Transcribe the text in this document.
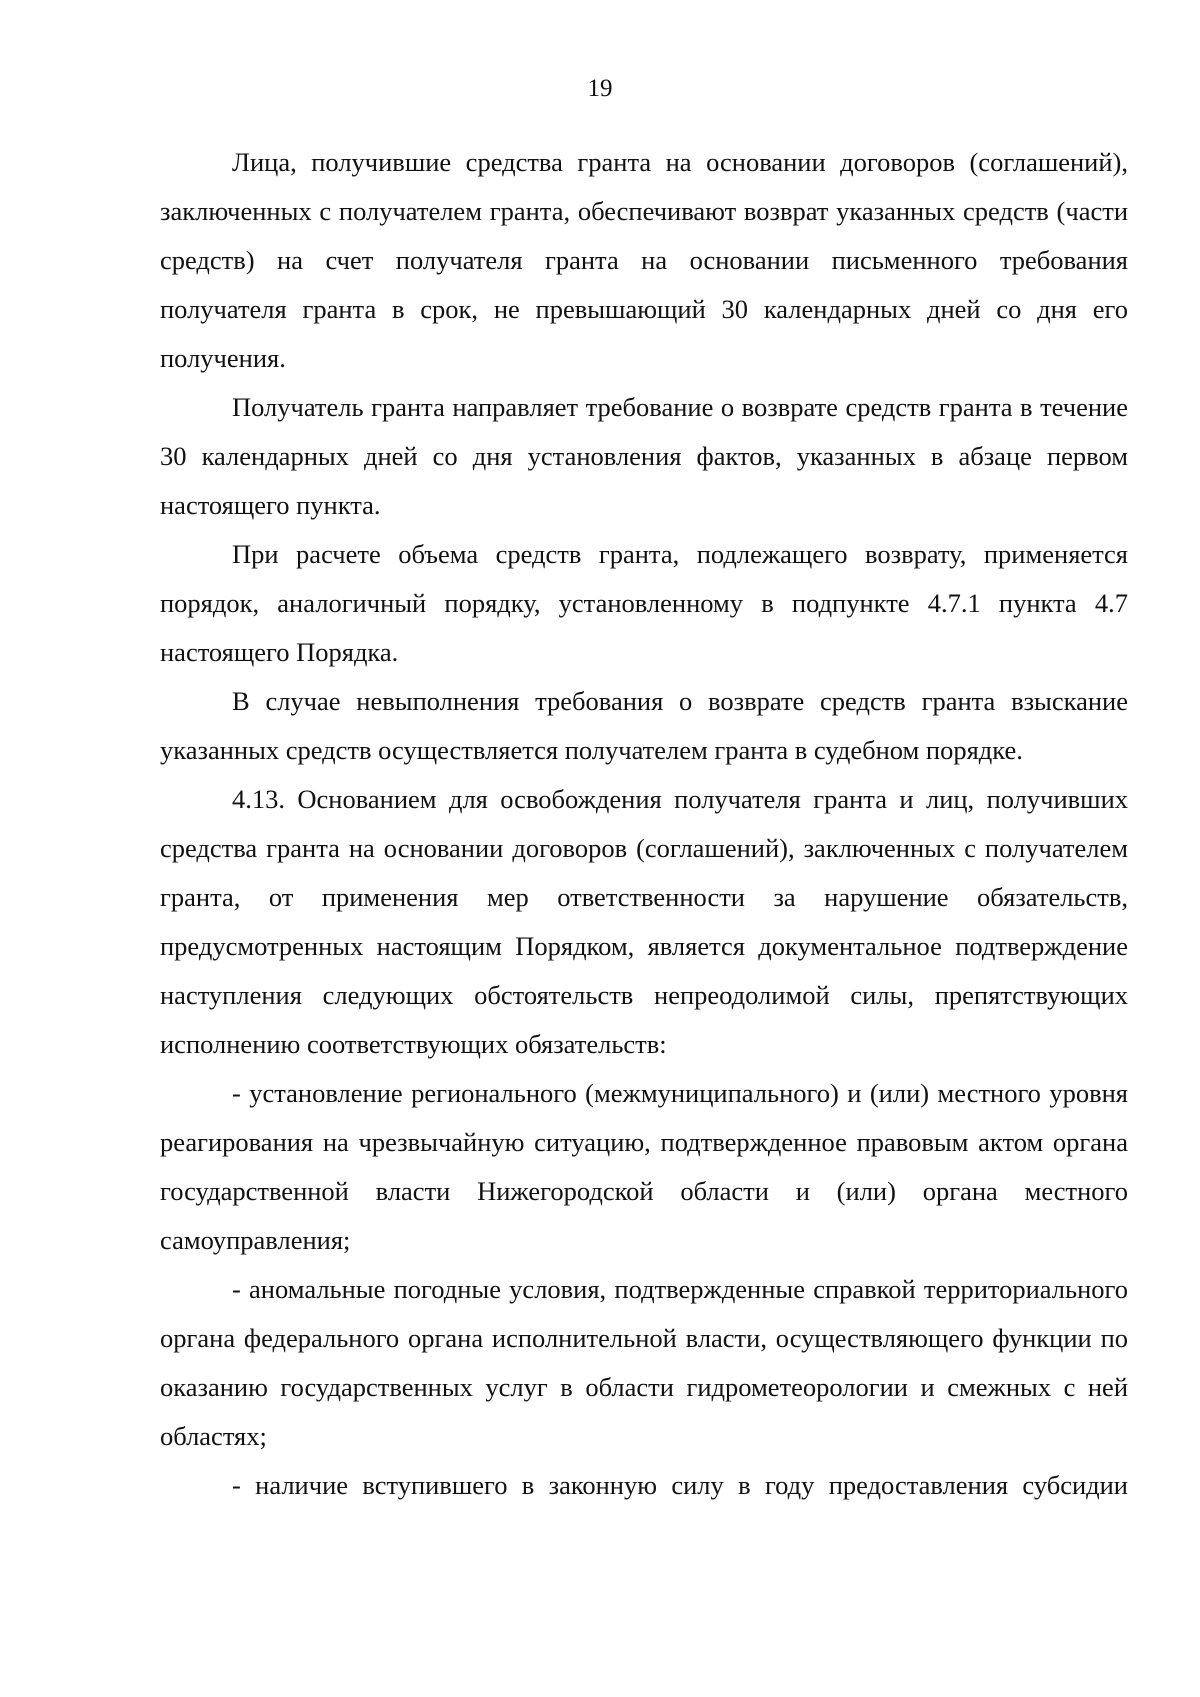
19

Лица, получившие средства гранта на основании договоров (соглашений), заключенных с получателем гранта, обеспечивают возврат указанных средств (части средств) на счет получателя гранта на основании письменного требования получателя гранта в срок, не превышающий 30 календарных дней со дня его получения.

Получатель гранта направляет требование о возврате средств гранта в течение 30 календарных дней со дня установления фактов, указанных в абзаце первом настоящего пункта.

При расчете объема средств гранта, подлежащего возврату, применяется порядок, аналогичный порядку, установленному в подпункте 4.7.1 пункта 4.7 настоящего Порядка.

В случае невыполнения требования о возврате средств гранта взыскание указанных средств осуществляется получателем гранта в судебном порядке.

4.13. Основанием для освобождения получателя гранта и лиц, получивших средства гранта на основании договоров (соглашений), заключенных с получателем гранта, от применения мер ответственности за нарушение обязательств, предусмотренных настоящим Порядком, является документальное подтверждение наступления следующих обстоятельств непреодолимой силы, препятствующих исполнению соответствующих обязательств:

- установление регионального (межмуниципального) и (или) местного уровня реагирования на чрезвычайную ситуацию, подтвержденное правовым актом органа государственной власти Нижегородской области и (или) органа местного самоуправления;

- аномальные погодные условия, подтвержденные справкой территориального органа федерального органа исполнительной власти, осуществляющего функции по оказанию государственных услуг в области гидрометеорологии и смежных с ней областях;

- наличие вступившего в законную силу в году предоставления субсидии
